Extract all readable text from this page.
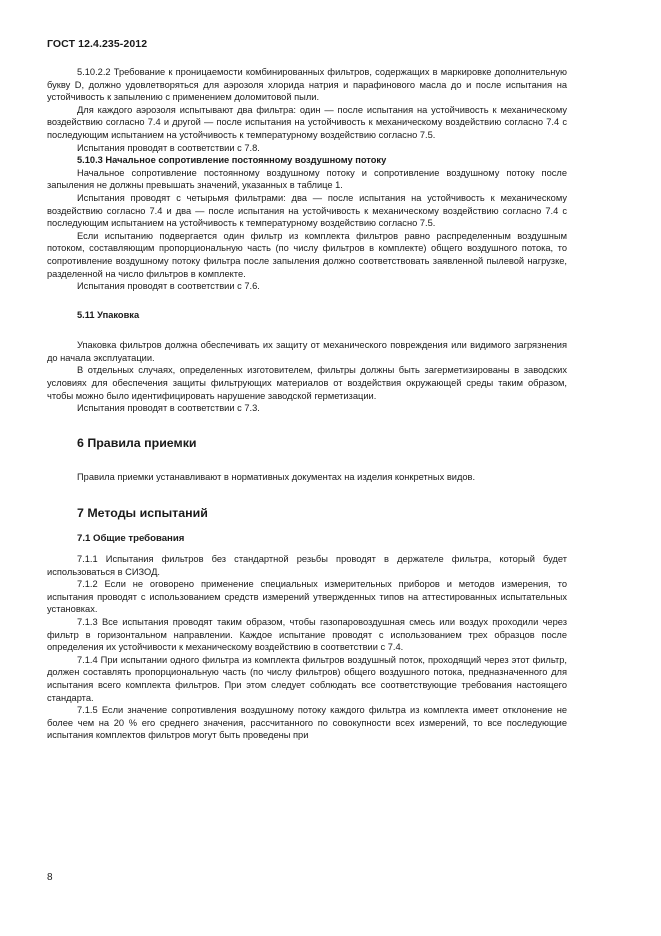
ГОСТ 12.4.235-2012

5.10.2.2 Требование к проницаемости комбинированных фильтров, содержащих в маркировке дополнительную букву D, должно удовлетворяться для аэрозоля хлорида натрия и парафинового масла до и после испытания на устойчивость к запылению с применением доломитовой пыли.

Для каждого аэрозоля испытывают два фильтра: один — после испытания на устойчивость к механическому воздействию согласно 7.4 и другой — после испытания на устойчивость к механическому воздействию согласно 7.4 с последующим испытанием на устойчивость к температурному воздействию согласно 7.5.

Испытания проводят в соответствии с 7.8.

5.10.3 Начальное сопротивление постоянному воздушному потоку

Начальное сопротивление постоянному воздушному потоку и сопротивление воздушному потоку после запыления не должны превышать значений, указанных в таблице 1.

Испытания проводят с четырьмя фильтрами: два — после испытания на устойчивость к механическому воздействию согласно 7.4 и два — после испытания на устойчивость к механическому воздействию согласно 7.4 с последующим испытанием на устойчивость к температурному воздействию согласно 7.5.

Если испытанию подвергается один фильтр из комплекта фильтров равно распределенным воздушным потоком, составляющим пропорциональную часть (по числу фильтров в комплекте) общего воздушного потока, то сопротивление воздушному потоку фильтра после запыления должно соответствовать заявленной пылевой нагрузке, разделенной на число фильтров в комплекте.

Испытания проводят в соответствии с 7.6.

5.11 Упаковка

Упаковка фильтров должна обеспечивать их защиту от механического повреждения или видимого загрязнения до начала эксплуатации.

В отдельных случаях, определенных изготовителем, фильтры должны быть загерметизированы в заводских условиях для обеспечения защиты фильтрующих материалов от воздействия окружающей среды таким образом, чтобы можно было идентифицировать нарушение заводской герметизации.

Испытания проводят в соответствии с 7.3.

6 Правила приемки

Правила приемки устанавливают в нормативных документах на изделия конкретных видов.

7 Методы испытаний
7.1 Общие требования

7.1.1 Испытания фильтров без стандартной резьбы проводят в держателе фильтра, который будет использоваться в СИЗОД.

7.1.2 Если не оговорено применение специальных измерительных приборов и методов измерения, то испытания проводят с использованием средств измерений утвержденных типов на аттестированных испытательных установках.

7.1.3 Все испытания проводят таким образом, чтобы газопаровоздушная смесь или воздух проходили через фильтр в горизонтальном направлении. Каждое испытание проводят с использованием трех образцов после определения их устойчивости к механическому воздействию в соответствии с 7.4.

7.1.4 При испытании одного фильтра из комплекта фильтров воздушный поток, проходящий через этот фильтр, должен составлять пропорциональную часть (по числу фильтров) общего воздушного потока, предназначенного для испытания всего комплекта фильтров. При этом следует соблюдать все соответствующие требования настоящего стандарта.

7.1.5 Если значение сопротивления воздушному потоку каждого фильтра из комплекта имеет отклонение не более чем на 20 % его среднего значения, рассчитанного по совокупности всех измерений, то все последующие испытания комплектов фильтров могут быть проведены при

8
